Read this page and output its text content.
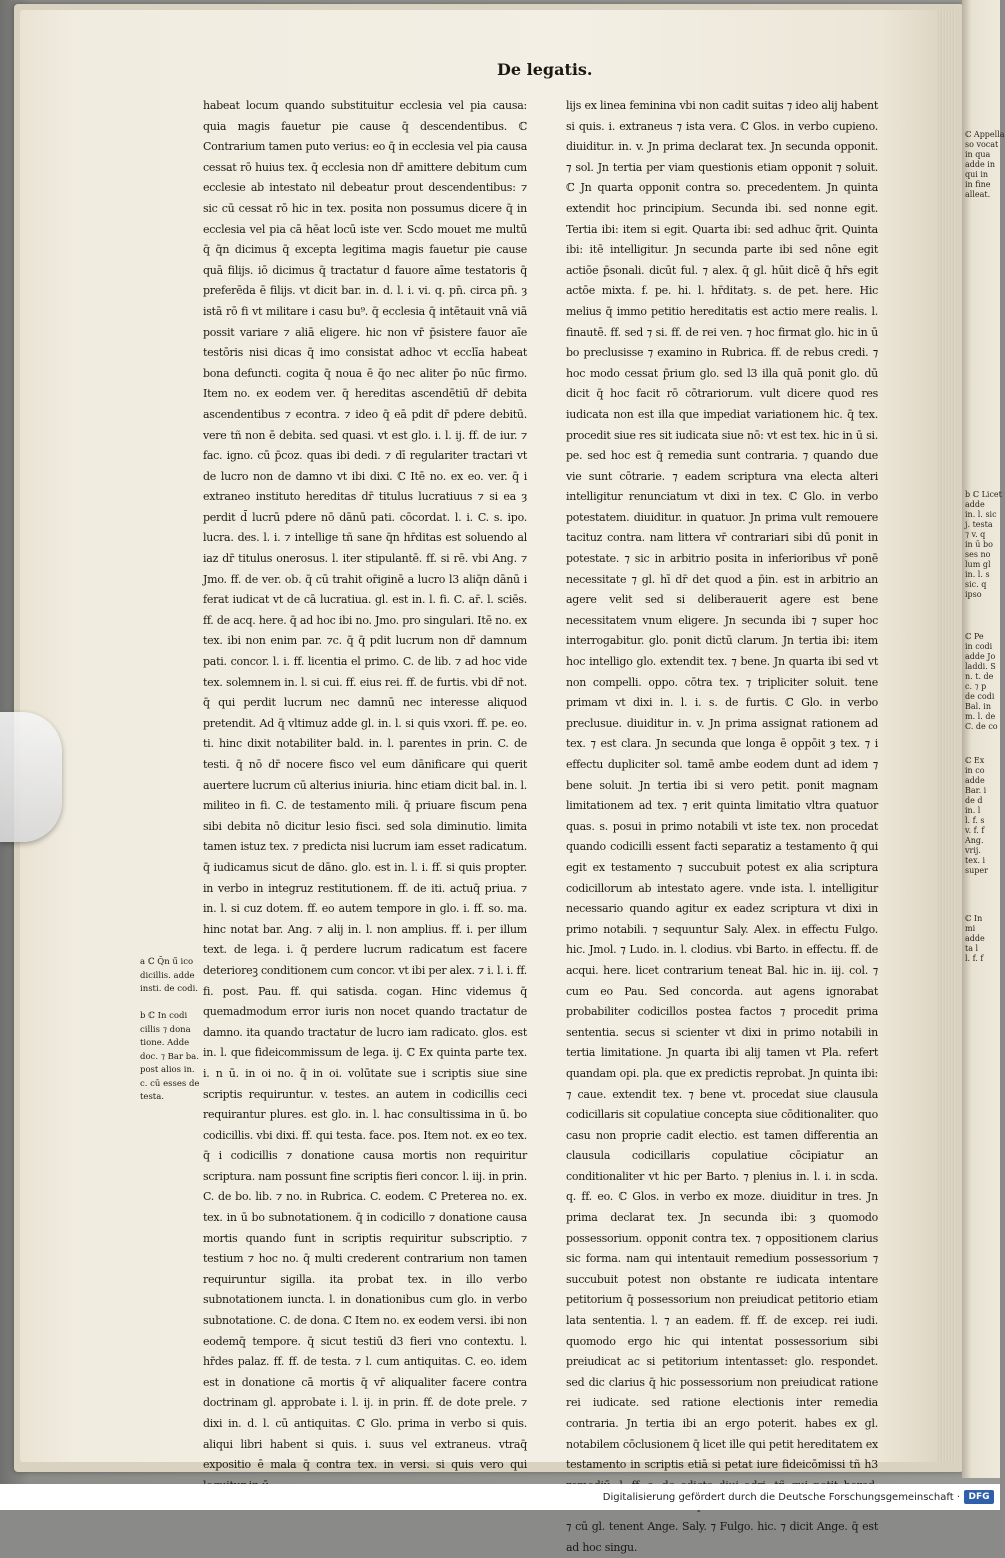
ℂ Appella
so vocat
in qua
adde in
qui in
in fine
alleat.
b ℂ Licet
adde
in. l. sic
j. testa
⁊ v. q
in ū bo
ses no
lum gl
in. l. s
sic. q
ipso
ℂ Pe
in codi
adde Jo
laddi. S
n. t. de
c. ⁊ p
de codi
Bal. in
m. l. de
C. de co
ℂ Ex
in co
adde
Bar. i
de d
in. l
l. f. s
v. f. f
Ang.
vrij.
tex. i
super
ℂ In
mi
adde
ta l
l. f. f
De legatis.
habeat locum quando substituitur ecclesia vel pia causa: quia magis fauetur pie cause q̄ descendentibus. ℂ Contrarium tamen puto verius: eo q̄ in ecclesia vel pia causa cessat rō huius tex. q̄ ecclesia non dr̄ amittere debitum cum ecclesie ab intestato nil debeatur prout descendentibus: ⁊ sic cū cessat rō hic in tex. posita non possumus dicere q̄ in ecclesia vel pia cā hēat locū iste ver. Scdo mouet me multū q̄ q̄n dicimus q̄ excepta legitima magis fauetur pie cause quā filijs. iō dicimus q̄ tractatur d fauore aīme testatoris q̄ preferēda ē filijs. vt dicit bar. in. d. l. i. vi. q. pn̄. circa pn̄. ȝ istā rō fi vt militare i casu bu⁹. q̄ ecclesia q̄ intētauit vnā viā possit variare ⁊ aliā eligere. hic non vr̄ p̄sistere fauor aīe testōris nisi dicas q̄ imo consistat adhoc vt ecclīa habeat bona defuncti. cogita q̄ noua ē q̄o nec aliter p̄o nūc firmo. Item no. ex eodem ver. q̄ hereditas ascendētiū dr̄ debita ascendentibus ⁊ econtra. ⁊ ideo q̄ eā pdit dr̄ pdere debitū. vere tñ non ē debita. sed quasi. vt est glo. i. l. ij. ff. de iur. ⁊ fac. igno. cū p̄coz. quas ibi dedi. ⁊ dī regulariter tractari vt de lucro non de damno vt ibi dixi. ℂ Itē no. ex eo. ver. q̄ i extraneo instituto hereditas dr̄ titulus lucratiuus ⁊ si ea ȝ perdit d̄ lucrū pdere nō dānū pati. cōcordat. l. i. C. s. ipo. lucra. des. l. i. ⁊ intellige tñ sane q̄n hr̄ditas est soluendo al iaz dr̄ titulus onerosus. l. iter stipulantē. ff. si rē. vbi Ang. ⁊ Jmo. ff. de ver. ob. q̄ cū trahit or̄iginē a lucro l3 aliq̄n dānū i ferat iudicat vt de cā lucratiua. gl. est in. l. fi. C. ar̄. l. sciēs. ff. de acq. here. q̄ ad hoc ibi no. Jmo. pro singulari. Itē no. ex tex. ibi non enim par. ⁊c. q̄ q̄ pdit lucrum non dr̄ damnum pati. concor. l. i. ff. licentia el primo. C. de lib. ⁊ ad hoc vide tex. solemnem in. l. si cui. ff. eius rei. ff. de furtis. vbi dr̄ not. q̄ qui perdit lucrum nec damnū nec interesse aliquod pretendit. Ad q̄ vltimuz adde gl. in. l. si quis vxori. ff. pe. eo. ti. hinc dixit notabiliter bald. in. l. parentes in prin. C. de testi. q̄ nō dr̄ nocere fisco vel eum dānificare qui querit auertere lucrum cū alterius iniuria. hinc etiam dicit bal. in. l. militeo in fi. C. de testamento mili. q̄ priuare fiscum pena sibi debita nō dicitur lesio fisci. sed sola diminutio. limita tamen istuz tex. ⁊ predicta nisi lucrum iam esset radicatum. q̄ iudicamus sicut de dāno. glo. est in. l. i. ff. si quis propter. in verbo in integruz restitutionem. ff. de iti. actuq̄ priua. ⁊ in. l. si cuz dotem. ff. eo autem tempore in glo. i. ff. so. ma. hinc notat bar. Ang. ⁊ alij in. l. non amplius. ff. i. per illum text. de lega. i. q̄ perdere lucrum radicatum est facere deterioreꝫ conditionem cum concor. vt ibi per alex. ⁊ i. l. i. ff. fi. post. Pau. ff. qui satisda. cogan. Hinc videmus q̄ quemadmodum error iuris non nocet quando tractatur de damno. ita quando tractatur de lucro iam radicato. glos. est in. l. que fideicommissum de lega. ij. ℂ Ex quinta parte tex. i. n ū. in oi no. q̄ in oi. volūtate sue i scriptis siue sine scriptis requiruntur. v. testes. an autem in codicillis ceci requirantur plures. est glo. in. l. hac consultissima in ū. bo codicillis. vbi dixi. ff. qui testa. face. pos. Item not. ex eo tex. q̄ i codicillis ⁊ donatione causa mortis non requiritur scriptura. nam possunt fine scriptis fieri concor. l. iij. in prin. C. de bo. lib. ⁊ no. in Rubrica. C. eodem. ℂ Preterea no. ex. tex. in ū bo subnotationem. q̄ in codicillo ⁊ donatione causa mortis quando funt in scriptis requiritur subscriptio. ⁊ testium ⁊ hoc no. q̄ multi crederent contrarium non tamen requiruntur sigilla. ita probat tex. in illo verbo subnotationem iuncta. l. in donationibus cum glo. in verbo subnotatione. C. de dona. ℂ Item no. ex eodem versi. ibi non eodemq̄ tempore. q̄ sicut testiū d3 fieri vno contextu. l. hr̄des palaz. ff. ff. de testa. ⁊ l. cum antiquitas. C. eo. idem est in donatione cā mortis q̄ vr̄ aliqualiter facere contra doctrinam gl. approbate i. l. ij. in prin. ff. de dote prele. ⁊ dixi in. d. l. cū antiquitas. ℂ Glo. prima in verbo si quis. aliqui libri habent si quis. i. suus vel extraneus. vtraq̄ expositio ē mala q̄ contra tex. in versi. si quis vero qui
lijs ex linea feminina vbi non cadit suitas ⁊ ideo alij habent si quis. i. extraneus ⁊ ista vera. ℂ Glos. in verbo cupieno. diuiditur. in. v. Jn prima declarat tex. Jn secunda opponit. ⁊ sol. Jn tertia per viam questionis etiam opponit ⁊ soluit. ℂ Jn quarta opponit contra so. precedentem. Jn quinta extendit hoc principium. Secunda ibi. sed nonne egit. Tertia ibi: item si egit. Quarta ibi: sed adhuc q̄rit. Quinta ibi: itē intelligitur. Jn secunda parte ibi sed nōne egit actiōe p̄sonali. dicūt ful. ⁊ alex. q̄ gl. hūit dicē q̄ hr̄s egit actōe mixta. f. pe. hi. l. hr̄ditatȝ. s. de pet. here. Hic melius q̄ immo petitio hereditatis est actio mere realis. l. finautē. ff. sed ⁊ si. ff. de rei ven. ⁊ hoc firmat glo. hic in ū bo preclusisse ⁊ examino in Rubrica. ff. de rebus credi. ⁊ hoc modo cessat p̄rium glo. sed l3 illa quā ponit glo. dū dicit q̄ hoc facit rō cōtrariorum. vult dicere quod res iudicata non est illa que impediat variationem hic. q̄ tex. procedit siue res sit iudicata siue nō: vt est tex. hic in ū si. pe. sed hoc est q̄ remedia sunt contraria. ⁊ quando due vie sunt cōtrarie. ⁊ eadem scriptura vna electa alteri intelligitur renunciatum vt dixi in tex. ℂ Glo. in verbo potestatem. diuiditur. in quatuor. Jn prima vult remouere tacituz contra. nam littera vr̄ contrariari sibi dū ponit in potestate. ⁊ sic in arbitrio posita in inferioribus vr̄ ponē necessitate ⁊ gl. hī dr̄ det quod a p̄in. est in arbitrio an agere velit sed si deliberauerit agere est bene necessitatem vnum eligere. Jn secunda ibi ⁊ super hoc interrogabitur. glo. ponit dictū clarum. Jn tertia ibi: item hoc intelligo glo. extendit tex. ⁊ bene. Jn quarta ibi sed vt non compelli. oppo. cōtra tex. ⁊ tripliciter soluit. tene primam vt dixi in. l. i. s. de furtis. ℂ Glo. in verbo preclusue. diuiditur in. v. Jn prima assignat rationem ad tex. ⁊ est clara. Jn secunda que longa ē oppōit ȝ tex. ⁊ i effectu dupliciter sol. tamē ambe eodem dunt ad idem ⁊ bene soluit. Jn tertia ibi si vero petit. ponit magnam limitationem ad tex. ⁊ erit quinta limitatio vltra quatuor quas. s. posui in primo notabili vt iste tex. non procedat quando codicilli essent facti separatiz a testamento q̄ qui egit ex testamento ⁊ succubuit potest ex alia scriptura codicillorum ab intestato agere. vnde ista. l. intelligitur necessario quando agitur ex eadez scriptura vt dixi in primo notabili. ⁊ sequuntur Saly. Alex. in effectu Fulgo. hic. Jmol. ⁊ Ludo. in. l. clodius. vbi Barto. in effectu. ff. de acqui. here. licet contrarium teneat Bal. hic in. iij. col. ⁊ cum eo Pau. Sed concorda. aut agens ignorabat probabiliter codicillos postea factos ⁊ procedit prima sententia. secus si scienter vt dixi in primo notabili in tertia limitatione. Jn quarta ibi alij tamen vt Pla. refert quandam opi. pla. que ex predictis reprobat. Jn quinta ibi: ⁊ caue. extendit tex. ⁊ bene vt. procedat siue clausula codicillaris sit copulatiue concepta siue cōditionaliter. quo casu non proprie cadit electio. est tamen differentia an clausula codicillaris copulatiue cōcipiatur an conditionaliter vt hic per Barto. ⁊ plenius in. l. i. in scda. q. ff. eo. ℂ Glos. in verbo ex moze. diuiditur in tres. Jn prima declarat tex. Jn secunda ibi: ȝ quomodo possessorium. opponit contra tex. ⁊ oppositionem clarius sic forma. nam qui intentauit remedium possessorium ⁊ succubuit potest non obstante re iudicata intentare petitorium q̄ possessorium non preiudicat petitorio etiam lata sententia. l. ⁊ an eadem. ff. ff. de excep. rei iudi. quomodo ergo hic qui intentat possessorium sibi preiudicat ac si petitorium intentasset: glo. respondet. sed dic clarius q̄ hic possessorium non preiudicat ratione rei iudicate. sed ratione electionis inter remedia contraria. Jn tertia ibi an ergo poterit. habes ex gl. notabilem cōclusionem q̄ licet ille qui petit hereditatem ex testamento in scriptis etiā si petat iure fideicōmissi tñ h3 ⁊ cū gl. tenent Ange. Saly. ⁊ Fulgo. hic. ⁊ dicit Ange. q̄ est ad hoc singu.
a ℂ Q̄n ū̄ ico dicillis. adde insti. de codi.
b ℂ In codi cillis ⁊ dona tione. Adde doc. ⁊ Bar ba. post alios in. c. cū esses de testa.
Digitalisierung gefördert durch die Deutsche Forschungsgemeinschaft · DFG
